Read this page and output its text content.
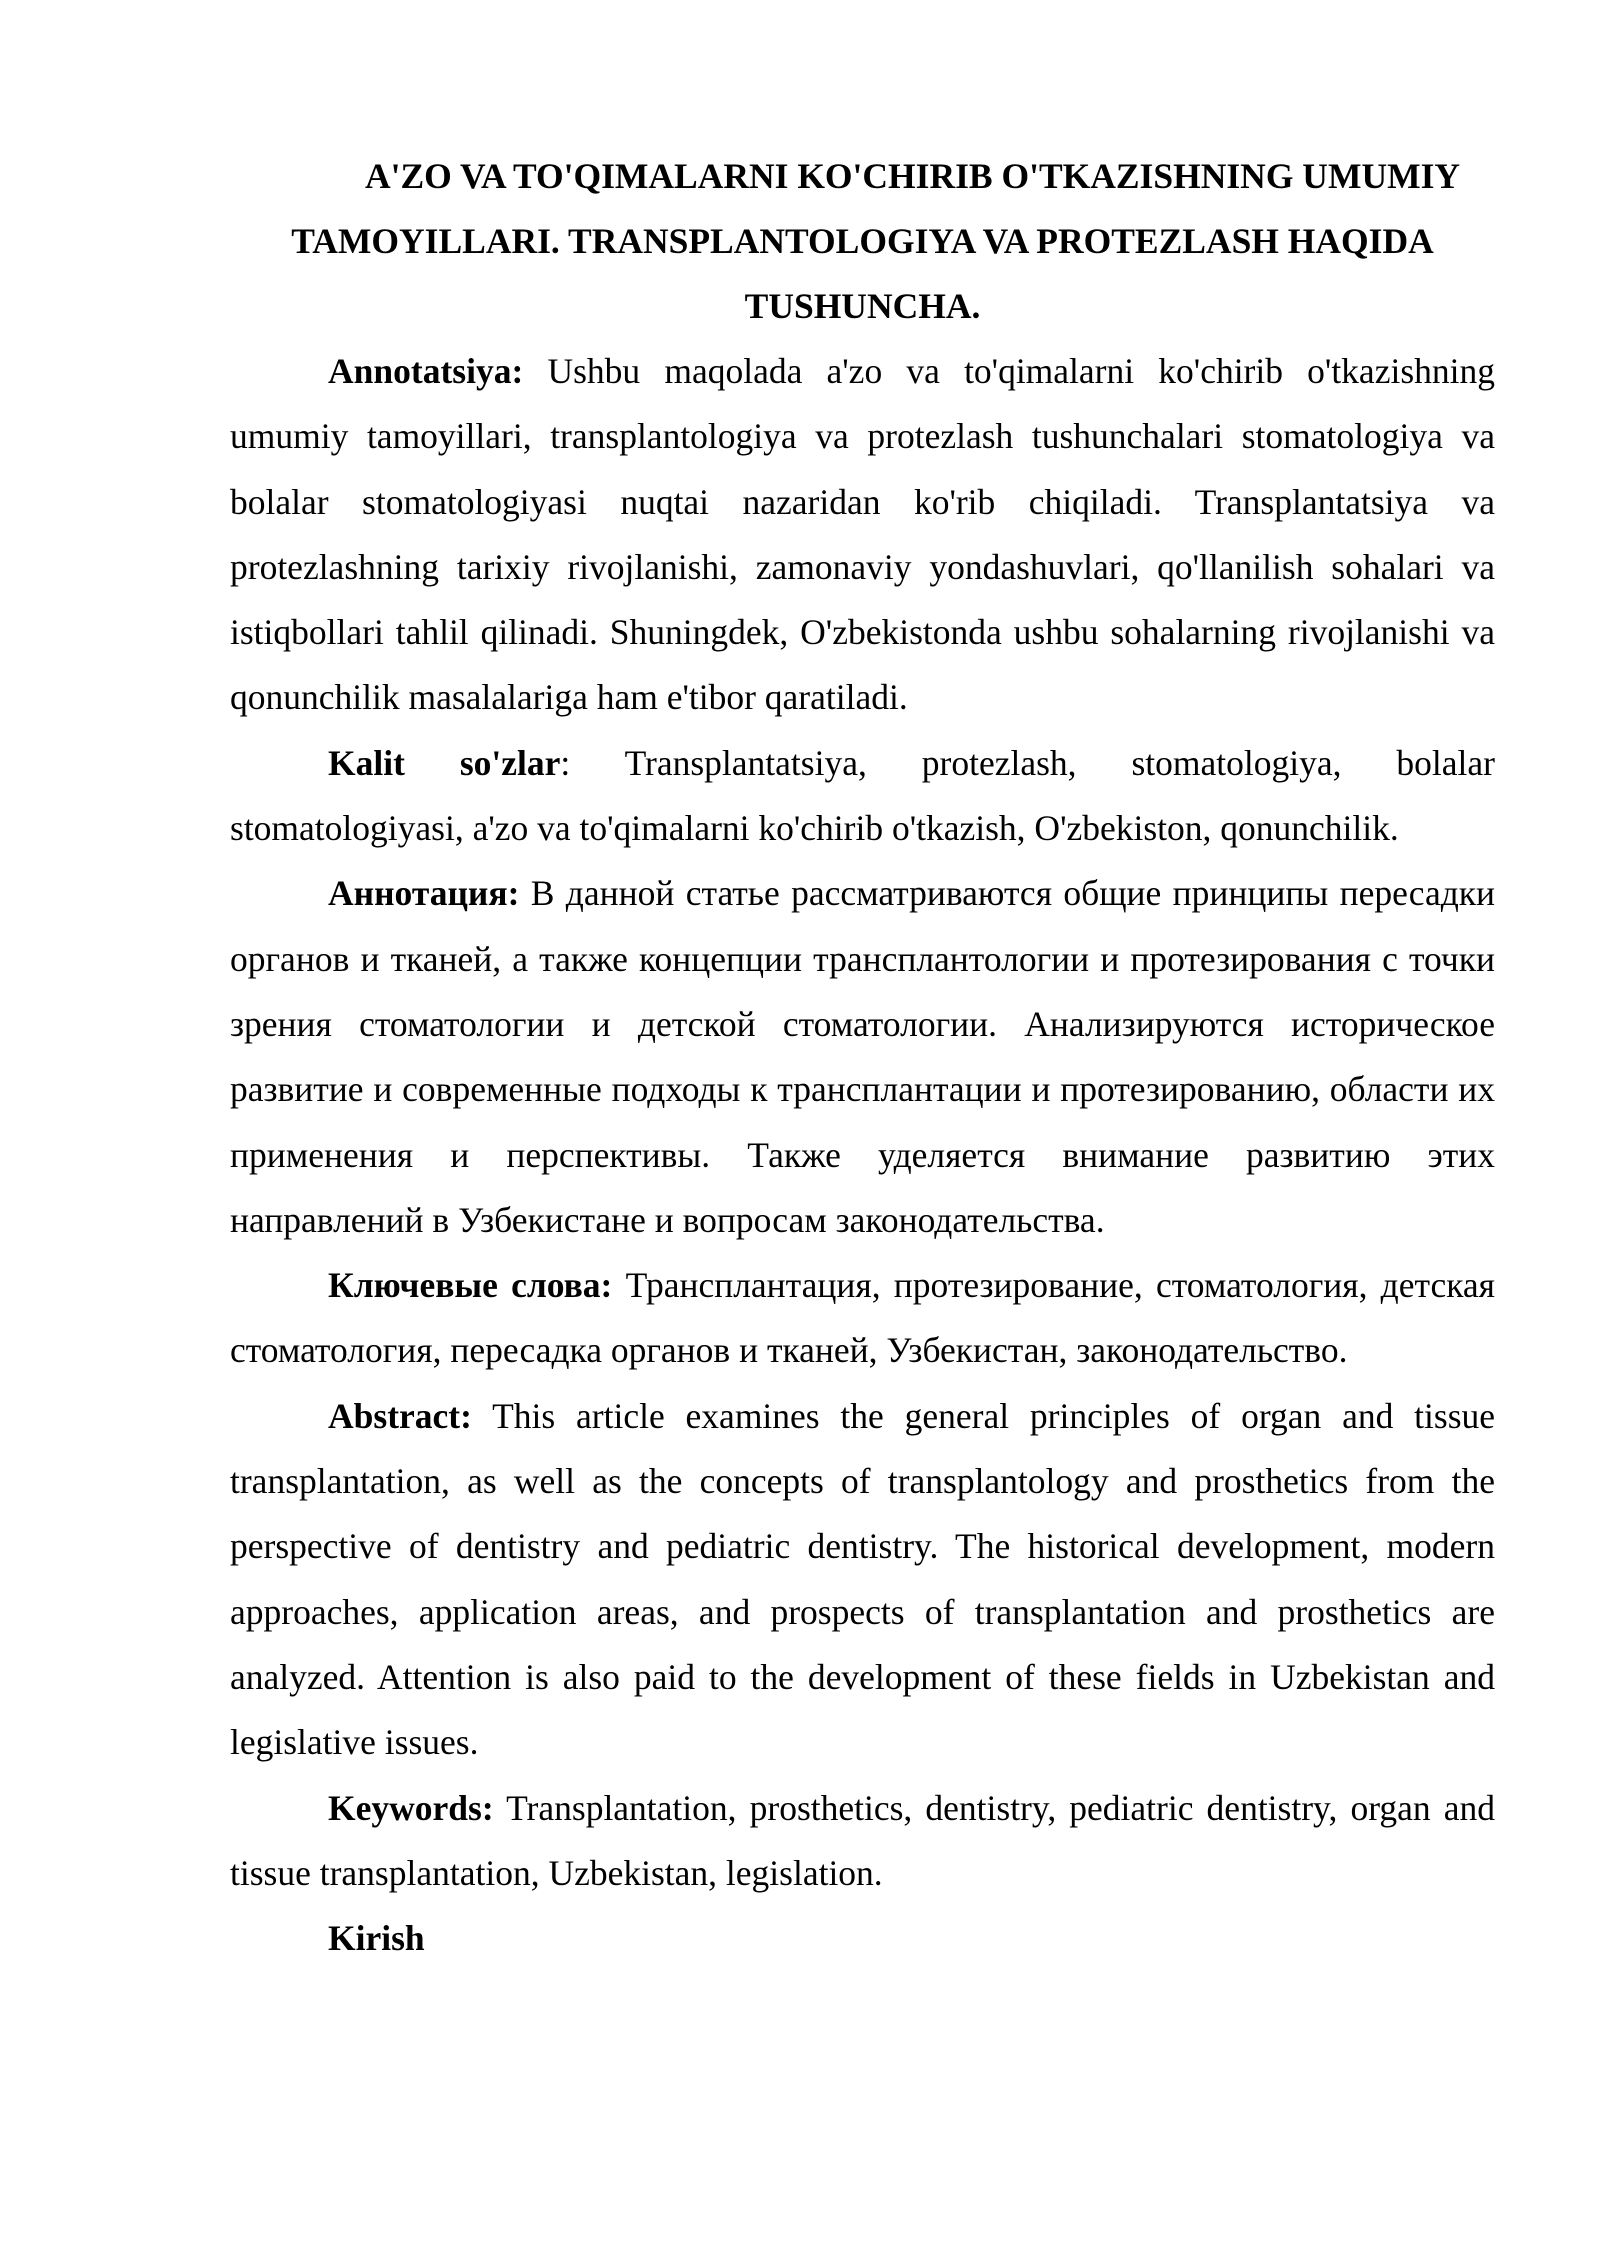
A'ZO VA TO'QIMALARNI KO'CHIRIB O'TKAZISHNING UMUMIY TAMOYILLARI. TRANSPLANTOLOGIYA VA PROTEZLASH HAQIDA TUSHUNCHA.

Annotatsiya: Ushbu maqolada a'zo va to'qimalarni ko'chirib o'tkazishning umumiy tamoyillari, transplantologiya va protezlash tushunchalari stomatologiya va bolalar stomatologiyasi nuqtai nazaridan ko'rib chiqiladi. Transplantatsiya va protezlashning tarixiy rivojlanishi, zamonaviy yondashuvlari, qo'llanilish sohalari va istiqbollari tahlil qilinadi. Shuningdek, O'zbekistonda ushbu sohalarning rivojlanishi va qonunchilik masalalariga ham e'tibor qaratiladi.

Kalit so'zlar: Transplantatsiya, protezlash, stomatologiya, bolalar stomatologiyasi, a'zo va to'qimalarni ko'chirib o'tkazish, O'zbekiston, qonunchilik.

Аннотация: В данной статье рассматриваются общие принципы пересадки органов и тканей, а также концепции трансплантологии и протезирования с точки зрения стоматологии и детской стоматологии. Анализируются историческое развитие и современные подходы к трансплантации и протезированию, области их применения и перспективы. Также уделяется внимание развитию этих направлений в Узбекистане и вопросам законодательства.

Ключевые слова: Трансплантация, протезирование, стоматология, детская стоматология, пересадка органов и тканей, Узбекистан, законодательство.

Abstract: This article examines the general principles of organ and tissue transplantation, as well as the concepts of transplantology and prosthetics from the perspective of dentistry and pediatric dentistry. The historical development, modern approaches, application areas, and prospects of transplantation and prosthetics are analyzed. Attention is also paid to the development of these fields in Uzbekistan and legislative issues.

Keywords: Transplantation, prosthetics, dentistry, pediatric dentistry, organ and tissue transplantation, Uzbekistan, legislation.

Kirish
